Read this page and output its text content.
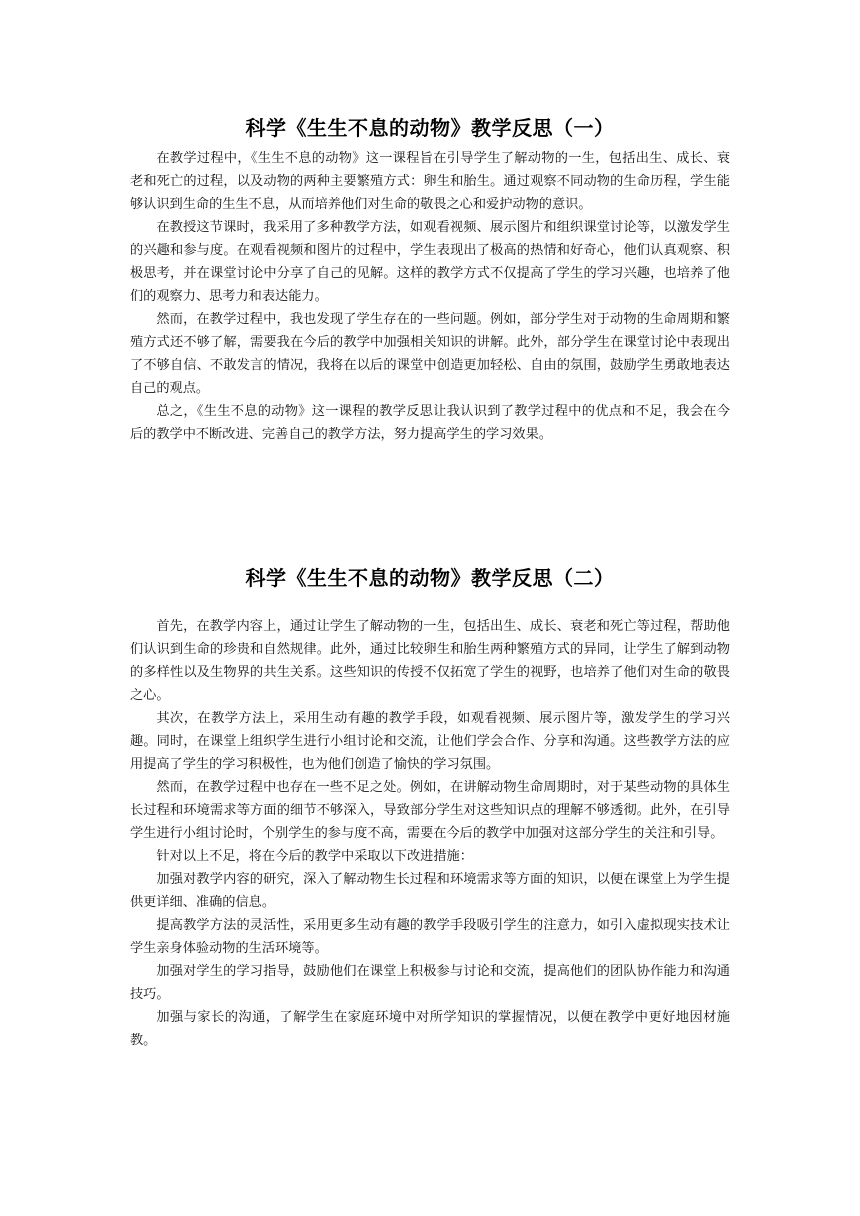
科学《生生不息的动物》教学反思（一）

在教学过程中，《生生不息的动物》这一课程旨在引导学生了解动物的一生，包括出生、成长、衰老和死亡的过程，以及动物的两种主要繁殖方式：卵生和胎生。通过观察不同动物的生命历程，学生能够认识到生命的生生不息，从而培养他们对生命的敬畏之心和爱护动物的意识。

在教授这节课时，我采用了多种教学方法，如观看视频、展示图片和组织课堂讨论等，以激发学生的兴趣和参与度。在观看视频和图片的过程中，学生表现出了极高的热情和好奇心，他们认真观察、积极思考，并在课堂讨论中分享了自己的见解。这样的教学方式不仅提高了学生的学习兴趣，也培养了他们的观察力、思考力和表达能力。

然而，在教学过程中，我也发现了学生存在的一些问题。例如，部分学生对于动物的生命周期和繁殖方式还不够了解，需要我在今后的教学中加强相关知识的讲解。此外，部分学生在课堂讨论中表现出了不够自信、不敢发言的情况，我将在以后的课堂中创造更加轻松、自由的氛围，鼓励学生勇敢地表达自己的观点。

总之，《生生不息的动物》这一课程的教学反思让我认识到了教学过程中的优点和不足，我会在今后的教学中不断改进、完善自己的教学方法，努力提高学生的学习效果。

科学《生生不息的动物》教学反思（二）

首先，在教学内容上，通过让学生了解动物的一生，包括出生、成长、衰老和死亡等过程，帮助他们认识到生命的珍贵和自然规律。此外，通过比较卵生和胎生两种繁殖方式的异同，让学生了解到动物的多样性以及生物界的共生关系。这些知识的传授不仅拓宽了学生的视野，也培养了他们对生命的敬畏之心。

其次，在教学方法上，采用生动有趣的教学手段，如观看视频、展示图片等，激发学生的学习兴趣。同时，在课堂上组织学生进行小组讨论和交流，让他们学会合作、分享和沟通。这些教学方法的应用提高了学生的学习积极性，也为他们创造了愉快的学习氛围。

然而，在教学过程中也存在一些不足之处。例如，在讲解动物生命周期时，对于某些动物的具体生长过程和环境需求等方面的细节不够深入，导致部分学生对这些知识点的理解不够透彻。此外，在引导学生进行小组讨论时，个别学生的参与度不高，需要在今后的教学中加强对这部分学生的关注和引导。

针对以上不足，将在今后的教学中采取以下改进措施：

加强对教学内容的研究，深入了解动物生长过程和环境需求等方面的知识，以便在课堂上为学生提供更详细、准确的信息。

提高教学方法的灵活性，采用更多生动有趣的教学手段吸引学生的注意力，如引入虚拟现实技术让学生亲身体验动物的生活环境等。

加强对学生的学习指导，鼓励他们在课堂上积极参与讨论和交流，提高他们的团队协作能力和沟通技巧。

加强与家长的沟通，了解学生在家庭环境中对所学知识的掌握情况，以便在教学中更好地因材施教。
